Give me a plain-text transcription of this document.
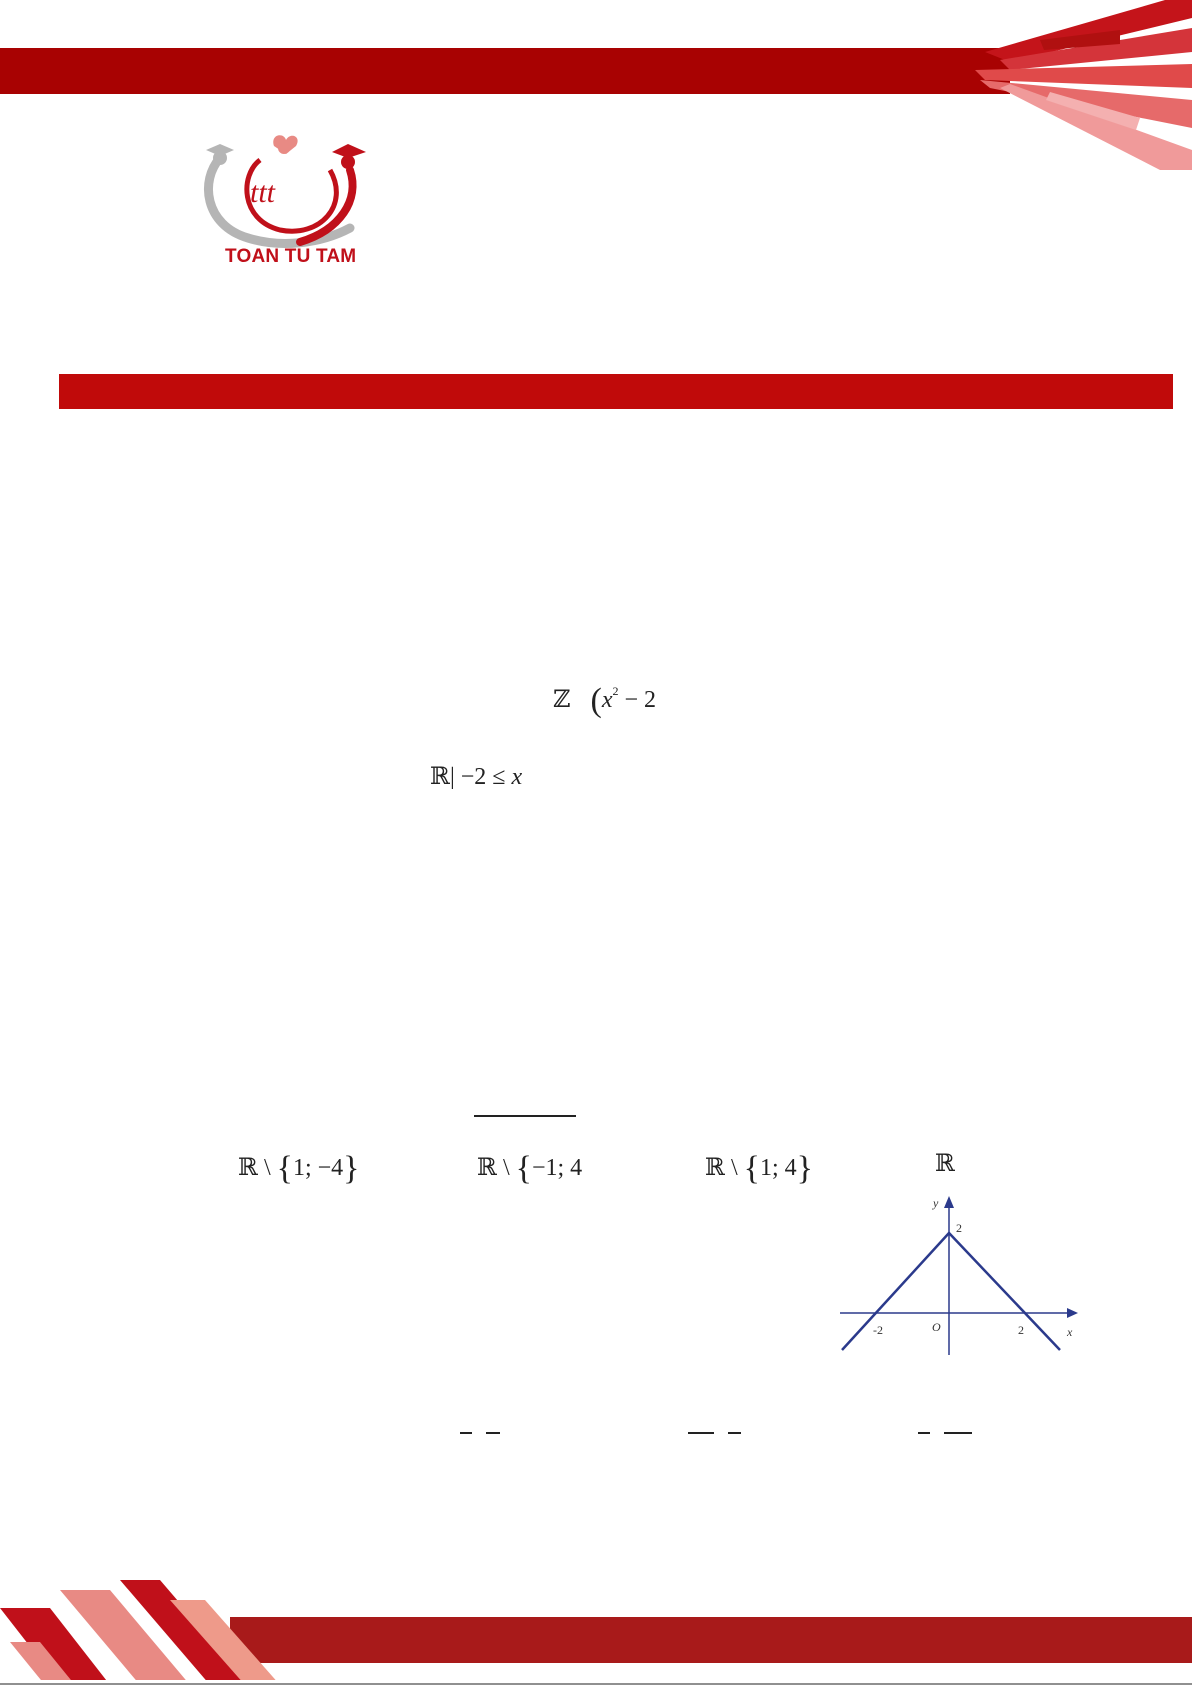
ttt
TOAN TU TAM
ℤ ($x^2 - 2$
ℝ| −2 ≤ x
ℝ \ {1; −4}	ℝ \ {−1; 4	ℝ \ {1; 4}	ℝ
y
x
O
2
-2	2
